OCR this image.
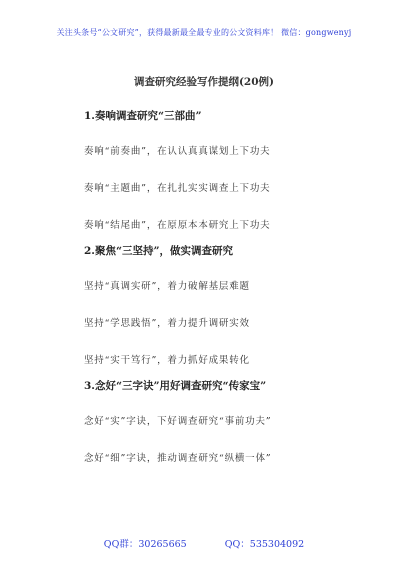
关注头条号“公文研究”，获得最新最全最专业的公文资料库！ 微信：gongwenyj
调查研究经验写作提纲(20例)
1.奏响调查研究“三部曲”
奏响“前奏曲”，在认认真真谋划上下功夫
奏响“主题曲”，在扎扎实实调查上下功夫
奏响“结尾曲”，在原原本本研究上下功夫
2.聚焦“三坚持”，做实调查研究
坚持“真调实研”，着力破解基层难题
坚持“学思践悟”，着力提升调研实效
坚持“实干笃行”，着力抓好成果转化
3.念好“三字诀”用好调查研究“传家宝”
念好“实”字诀，下好调查研究“事前功夫”
念好“细”字诀，推动调查研究“纵横一体”
QQ群：30265665	QQ：535304092
